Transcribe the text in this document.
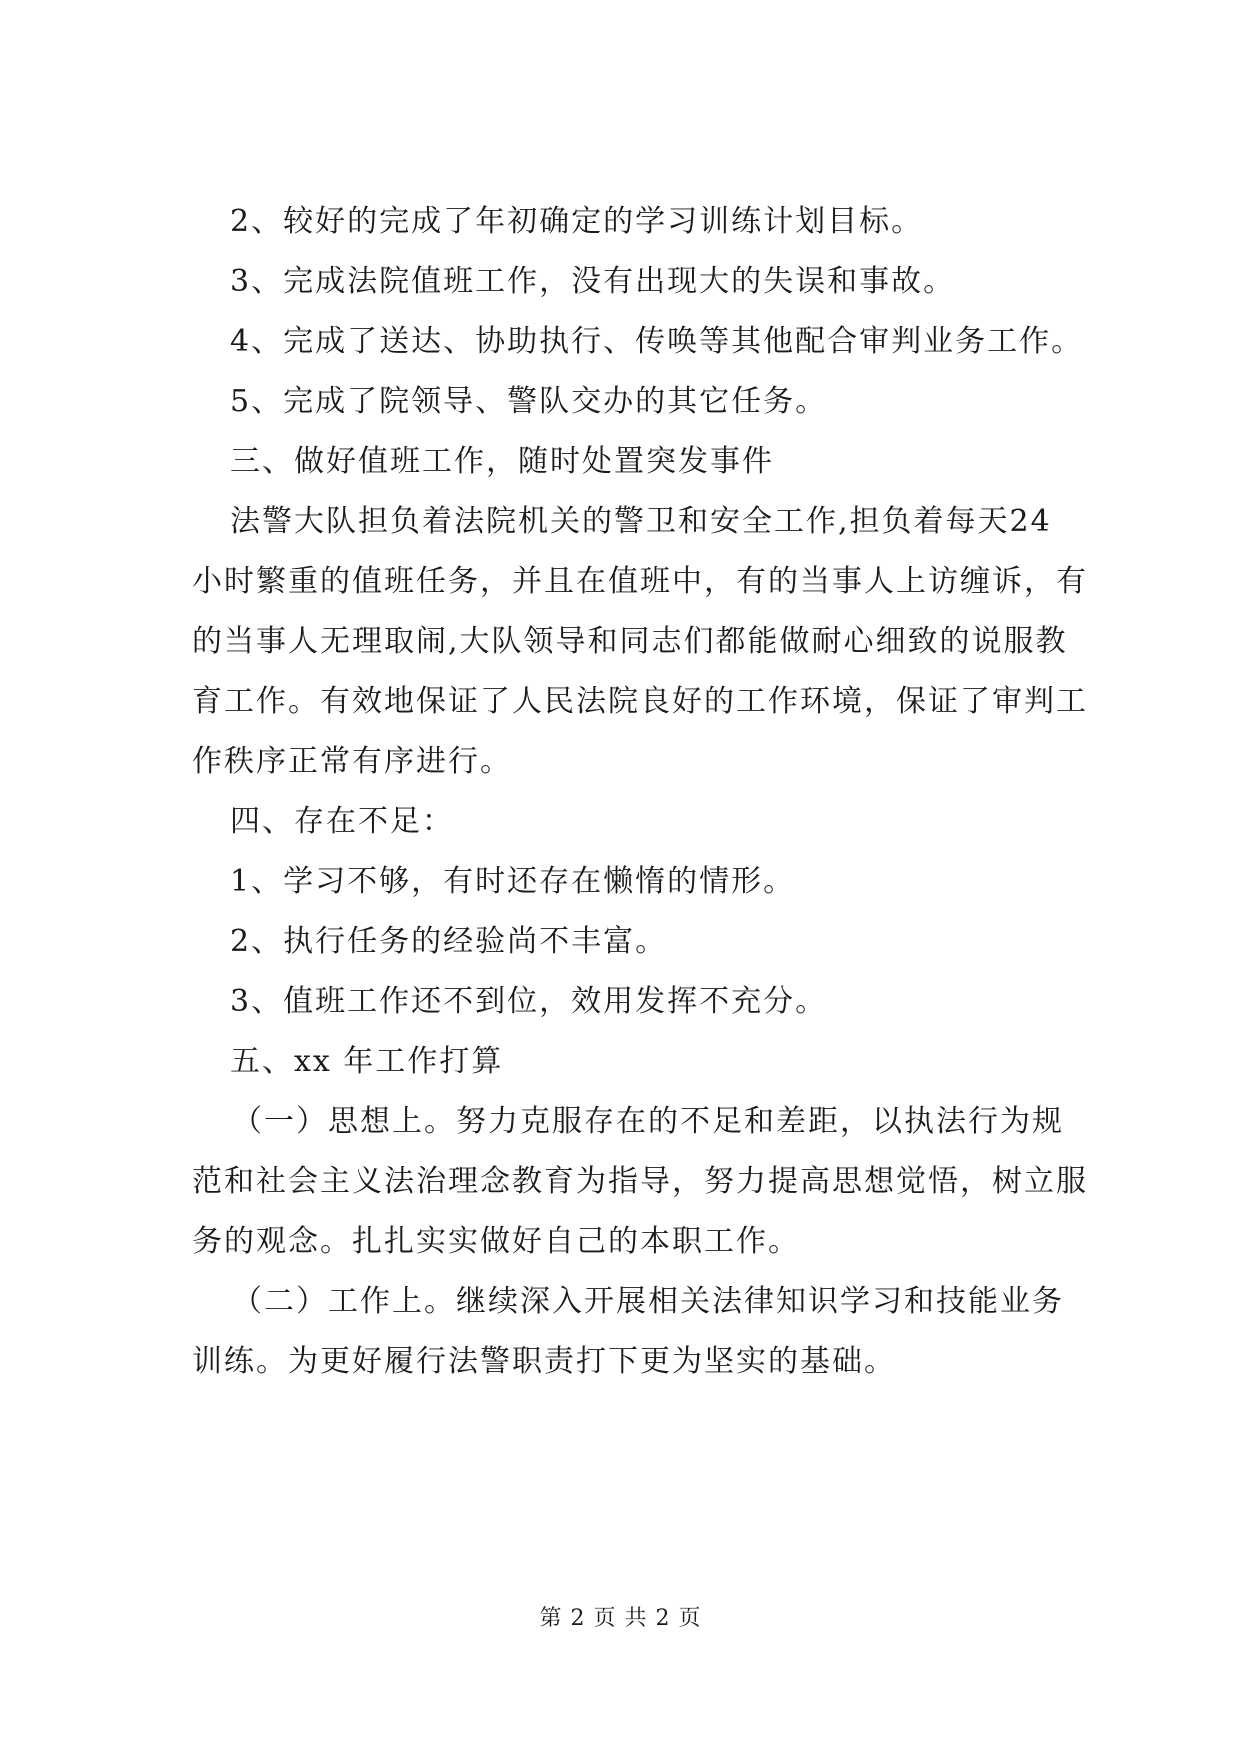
2、较好的完成了年初确定的学习训练计划目标。
3、完成法院值班工作，没有出现大的失误和事故。
4、完成了送达、协助执行、传唤等其他配合审判业务工作。
5、完成了院领导、警队交办的其它任务。
三、做好值班工作，随时处置突发事件
法警大队担负着法院机关的警卫和安全工作,担负着每天24
小时繁重的值班任务，并且在值班中，有的当事人上访缠诉，有
的当事人无理取闹,大队领导和同志们都能做耐心细致的说服教
育工作。有效地保证了人民法院良好的工作环境，保证了审判工
作秩序正常有序进行。
四、存在不足：
1、学习不够，有时还存在懒惰的情形。
2、执行任务的经验尚不丰富。
3、值班工作还不到位，效用发挥不充分。
五、xx 年工作打算
（一）思想上。努力克服存在的不足和差距，以执法行为规
范和社会主义法治理念教育为指导，努力提高思想觉悟，树立服
务的观念。扎扎实实做好自己的本职工作。
（二）工作上。继续深入开展相关法律知识学习和技能业务
训练。为更好履行法警职责打下更为坚实的基础。
第 2 页 共 2 页
